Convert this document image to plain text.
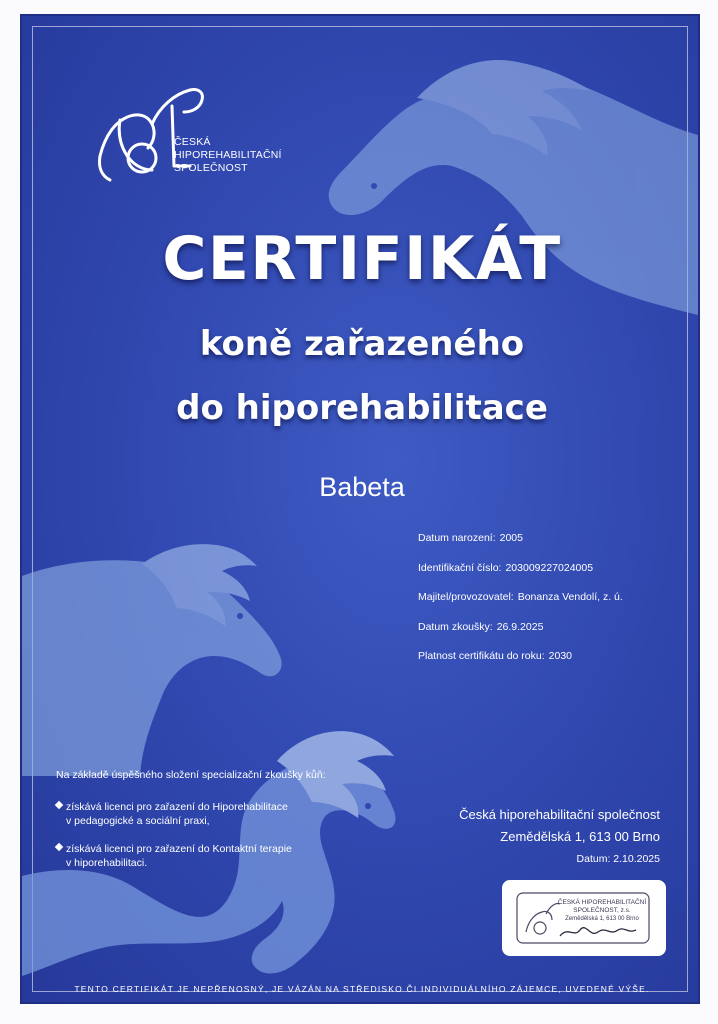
ČESKÁ
HIPOREHABILITAČNÍ
SPOLEČNOST
CERTIFIKÁT
koně zařazeného
do hiporehabilitace
Babeta
Datum narození: 2005
Identifikační číslo: 203009227024005
Majitel/provozovatel: Bonanza Vendolí, z. ú.
Datum zkoušky: 26.9.2025
Platnost certifikátu do roku: 2030
Na základě úspěšného složení specializační zkoušky kůň:
získává licenci pro zařazení do Hiporehabilitace
v pedagogické a sociální praxi,
získává licenci pro zařazení do Kontaktní terapie
v hiporehabilitaci.
Česká hiporehabilitační společnost
Zemědělská 1, 613 00 Brno
Datum: 2.10.2025
ČESKÁ HIPOREHABILITAČNÍ
SPOLEČNOST, z.s.
Zemědělská 1, 613 00 Brno
TENTO CERTIFIKÁT JE NEPŘENOSNÝ, JE VÁZÁN NA STŘEDISKO ČI INDIVIDUÁLNÍHO ZÁJEMCE, UVEDENÉ VÝŠE.
